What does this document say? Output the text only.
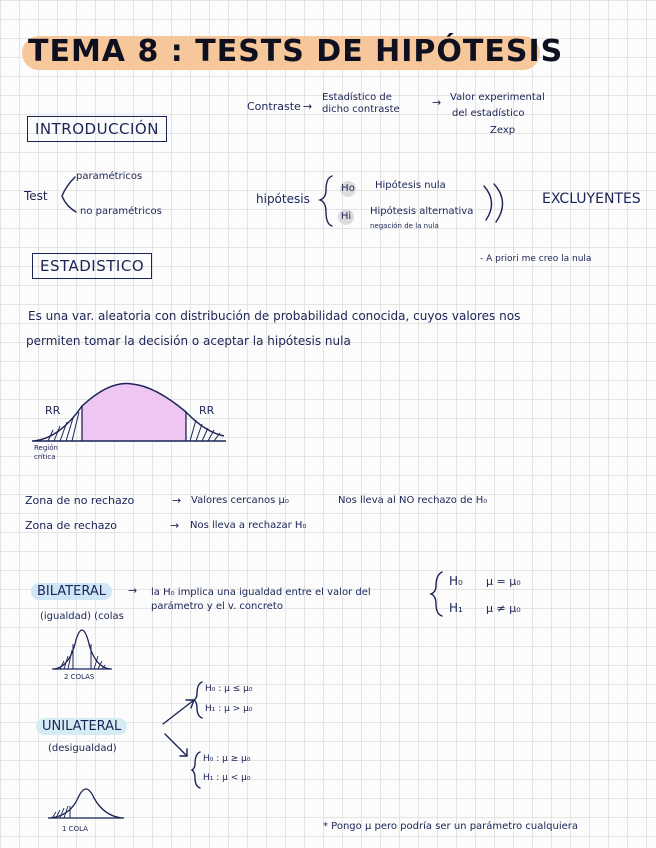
TEMA 8 : TESTS DE HIPÓTESIS
Contraste →
Estadístico de
dicho contraste
→ Valor experimental
del estadístico
Zexp
INTRODUCCIÓN
Test
paramétricos
no paramétricos
hipótesis
Ho Hipótesis nula
Hi Hipótesis alternativa
negación de la nula
EXCLUYENTES
- A priori me creo la nula
ESTADISTICO
Es una var. aleatoria con distribución de probabilidad conocida, cuyos valores nos
permiten tomar la decisión o aceptar la hipótesis nula
RR	RR
Región
crítica
Zona de no rechazo	→ Valores cercanos μ₀	Nos lleva al NO rechazo de H₀
Zona de rechazo	→ Nos lleva a rechazar H₀
BILATERAL	→ la H₀ implica una igualdad entre el valor del
parámetro y el v. concreto
(igualdad) (colas
H₀ μ = μ₀
H₁ μ ≠ μ₀
2 COLAS
UNILATERAL
(desigualdad)
H₀ : μ ≤ μ₀
H₁ : μ > μ₀
H₀ : μ ≥ μ₀
H₁ : μ < μ₀
1 COLA	* Pongo μ pero podría ser un parámetro cualquiera
